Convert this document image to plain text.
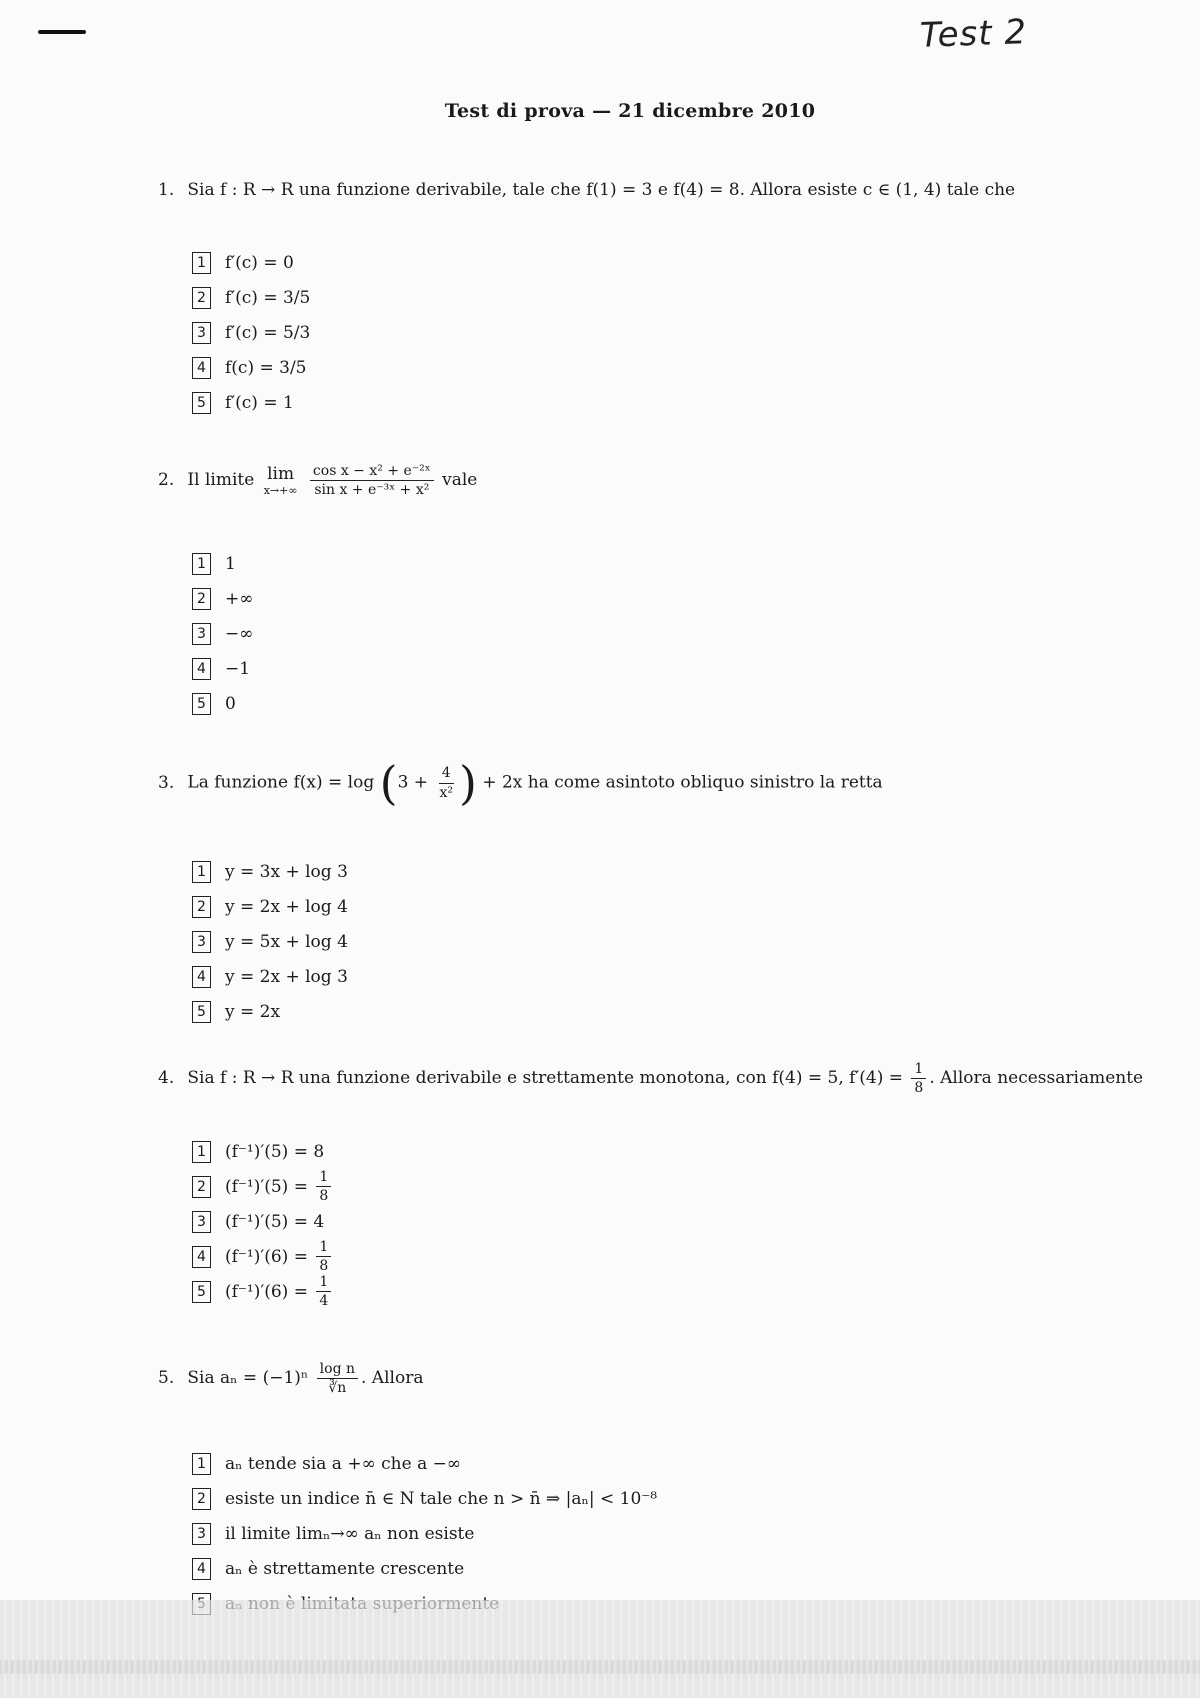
Test 2
Test di prova — 21 dicembre 2010
1. Sia f : R → R una funzione derivabile, tale che f(1) = 3 e f(4) = 8. Allora esiste c ∈ (1, 4) tale che
1 f′(c) = 0
2 f′(c) = 3/5
3 f′(c) = 5/3
4 f(c) = 3/5
5 f′(c) = 1
2. Il limite lim
x→+∞
$\frac{\text{cos x − x² + e⁻²ˣ}}{\text{sin x + e⁻³ˣ + x²}}$ vale
1 1
2 +∞
3 −∞
4 −1
5 0
3. La funzione $f(x) = \log (3 + \frac{4}{\text{x²}}$ ) + 2x ha come asintoto obliquo sinistro la retta
1 y = 3x + log 3
2 y = 2x + log 4
3 y = 5x + log 4
4 y = 2x + log 3
5 y = 2x
4. Sia f : R → R una funzione derivabile e strettamente monotona, con f(4) = 5, $f'(4) = \frac{1}{8}$ . Allora necessariamente
1 (f⁻¹)′(5) = 8
2 (f⁻¹)′(5) =
$\frac{1}{8}$
3 (f⁻¹)′(5) = 4
4 (f⁻¹)′(6) =
$\frac{1}{8}$
5 (f⁻¹)′(6) =
$\frac{1}{4}$
5. Sia $a_n = (-1)^n \frac{\text{log n}}{∛n}$ . Allora
1 aₙ tende sia a +∞ che a −∞
2 esiste un indice n̄ ∈ N tale che n > n̄ ⇒ |aₙ| < 10⁻⁸
3 il limite limₙ→∞ aₙ non esiste
4 aₙ è strettamente crescente
